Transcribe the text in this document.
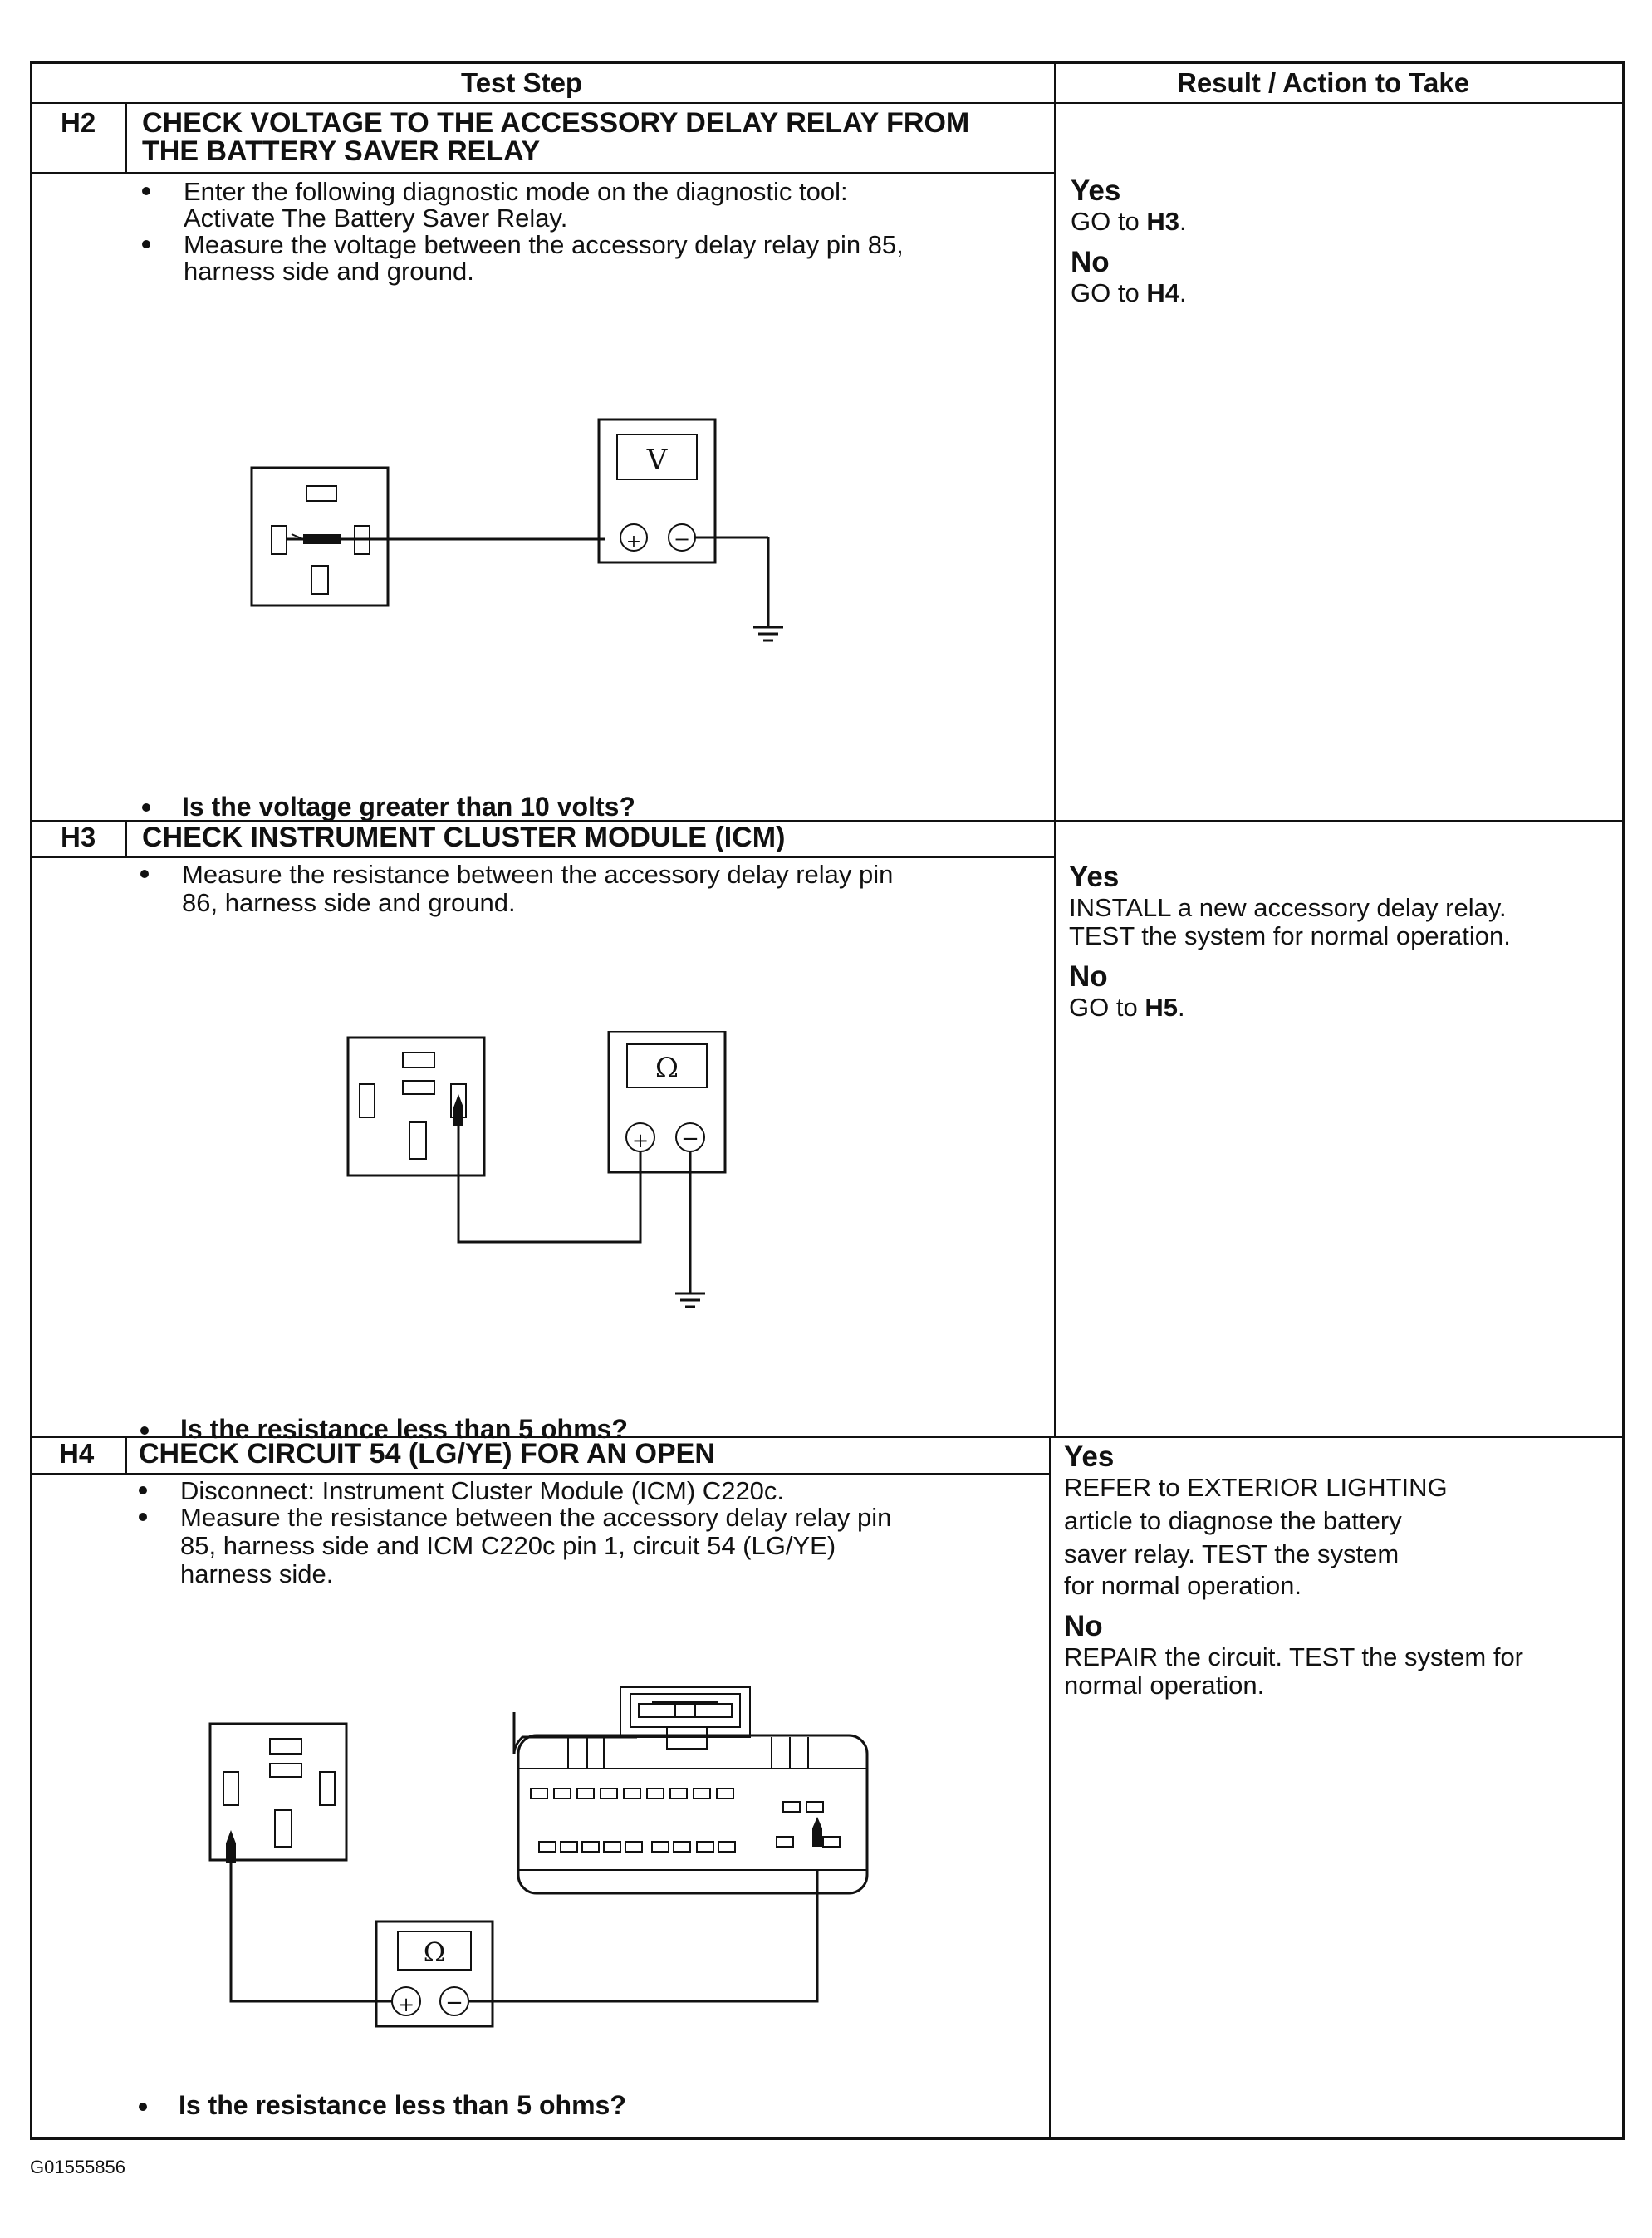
Test Step	Result / Action to Take
H2 CHECK VOLTAGE TO THE ACCESSORY DELAY RELAY FROM
THE BATTERY SAVER RELAY
Enter the following diagnostic mode on the diagnostic tool:
Activate The Battery Saver Relay.
Measure the voltage between the accessory delay relay pin 85,
harness side and ground.
+ −
V
Is the voltage greater than 10 volts?
Yes
GO to H3.
No
GO to H4.
H3 CHECK INSTRUMENT CLUSTER MODULE (ICM)
Measure the resistance between the accessory delay relay pin
86, harness side and ground.
+ −
Ω
Is the resistance less than 5 ohms?
Yes
INSTALL a new accessory delay relay.
TEST the system for normal operation.
No
GO to H5.
H4 CHECK CIRCUIT 54 (LG/YE) FOR AN OPEN
Disconnect: Instrument Cluster Module (ICM) C220c.
Measure the resistance between the accessory delay relay pin
85, harness side and ICM C220c pin 1, circuit 54 (LG/YE)
harness side.
+ −
Ω
Is the resistance less than 5 ohms?
Yes
REFER to EXTERIOR LIGHTING
article to diagnose the battery
saver relay. TEST the system
for normal operation.
No
REPAIR the circuit. TEST the system for
normal operation.
G01555856
